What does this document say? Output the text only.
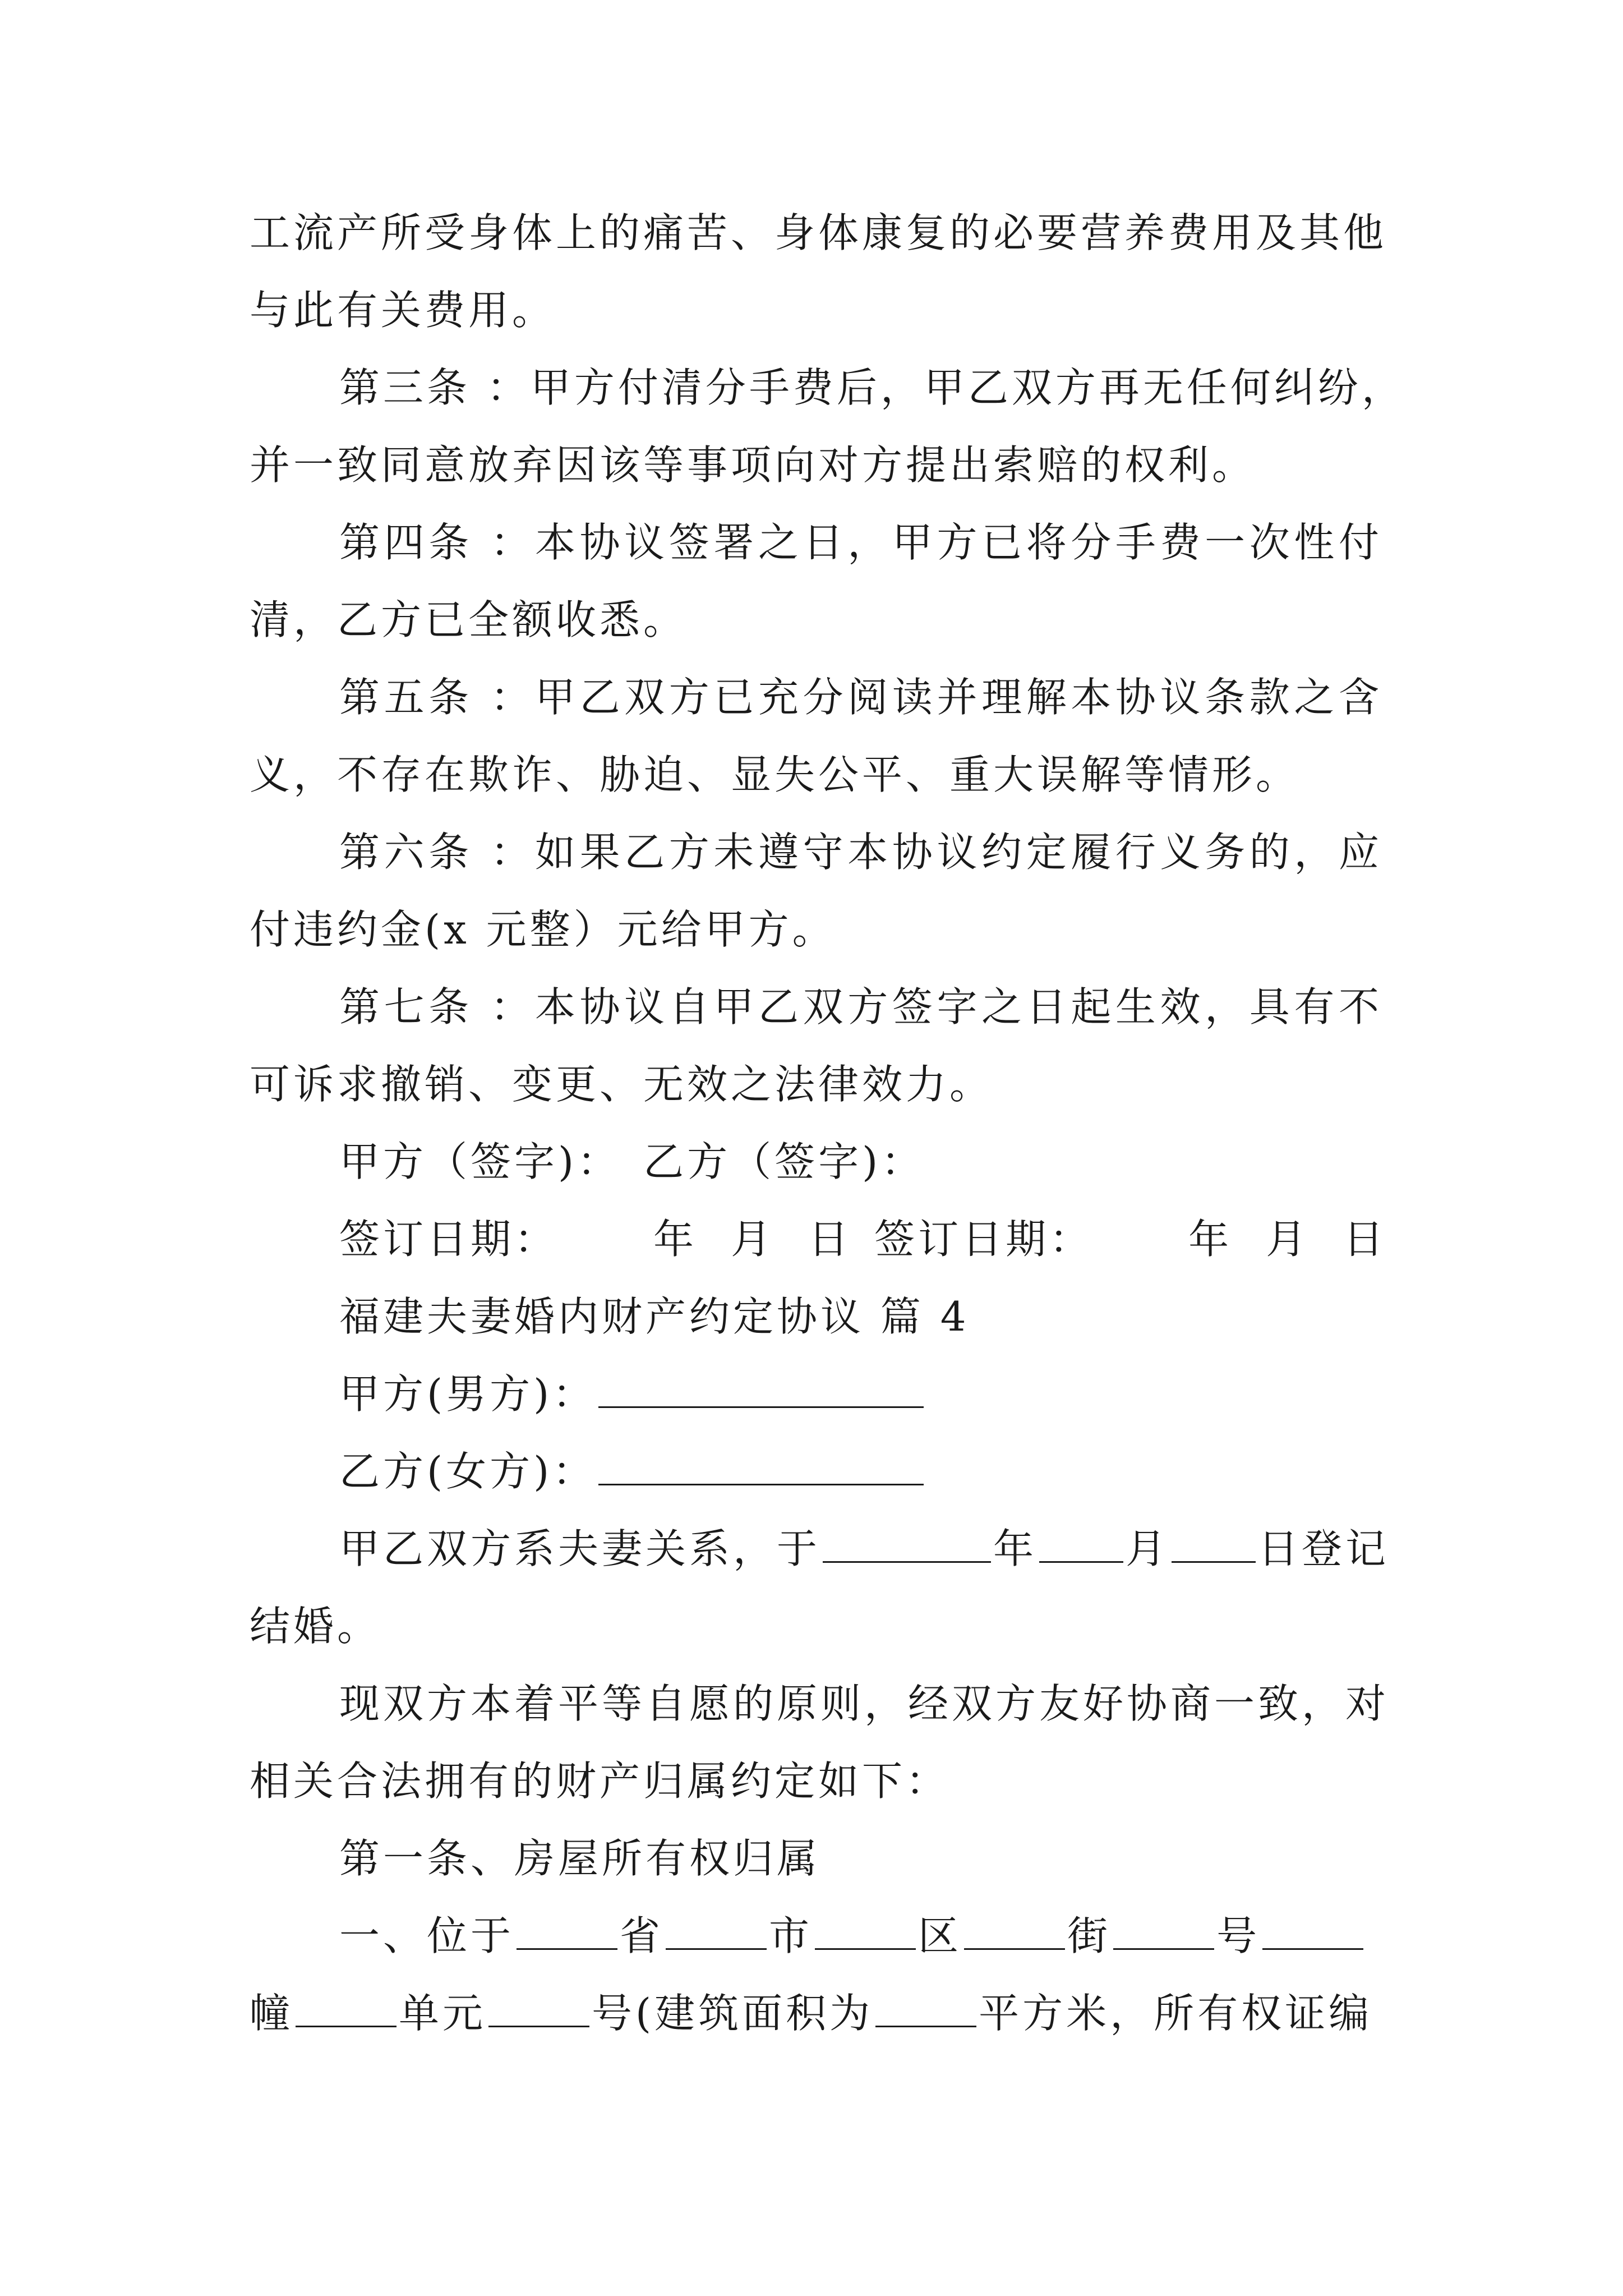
工流产所受身体上的痛苦、身体康复的必要营养费用及其他
与此有关费用。
第三条 ：甲方付清分手费后，甲乙双方再无任何纠纷，
并一致同意放弃因该等事项向对方提出索赔的权利。
第四条 ：本协议签署之日，甲方已将分手费一次性付
清，乙方已全额收悉。
第五条 ：甲乙双方已充分阅读并理解本协议条款之含
义，不存在欺诈、胁迫、显失公平、重大误解等情形。
第六条 ：如果乙方未遵守本协议约定履行义务的，应
付违约金(x 元整）元给甲方。
第七条 ：本协议自甲乙双方签字之日起生效，具有不
可诉求撤销、变更、无效之法律效力。
甲方（签字)： 乙方（签字)：
签订日期： 年 月 日 签订日期： 年 月 日
福建夫妻婚内财产约定协议 篇 4
甲方(男方)：
乙方(女方)：
甲乙双方系夫妻关系，于	年 月 日登记
结婚。
现双方本着平等自愿的原则，经双方友好协商一致，对
相关合法拥有的财产归属约定如下：
第一条、房屋所有权归属
一、位于	省	市	区	街	号
幢	单元	号(建筑面积为	平方米，所有权证编
